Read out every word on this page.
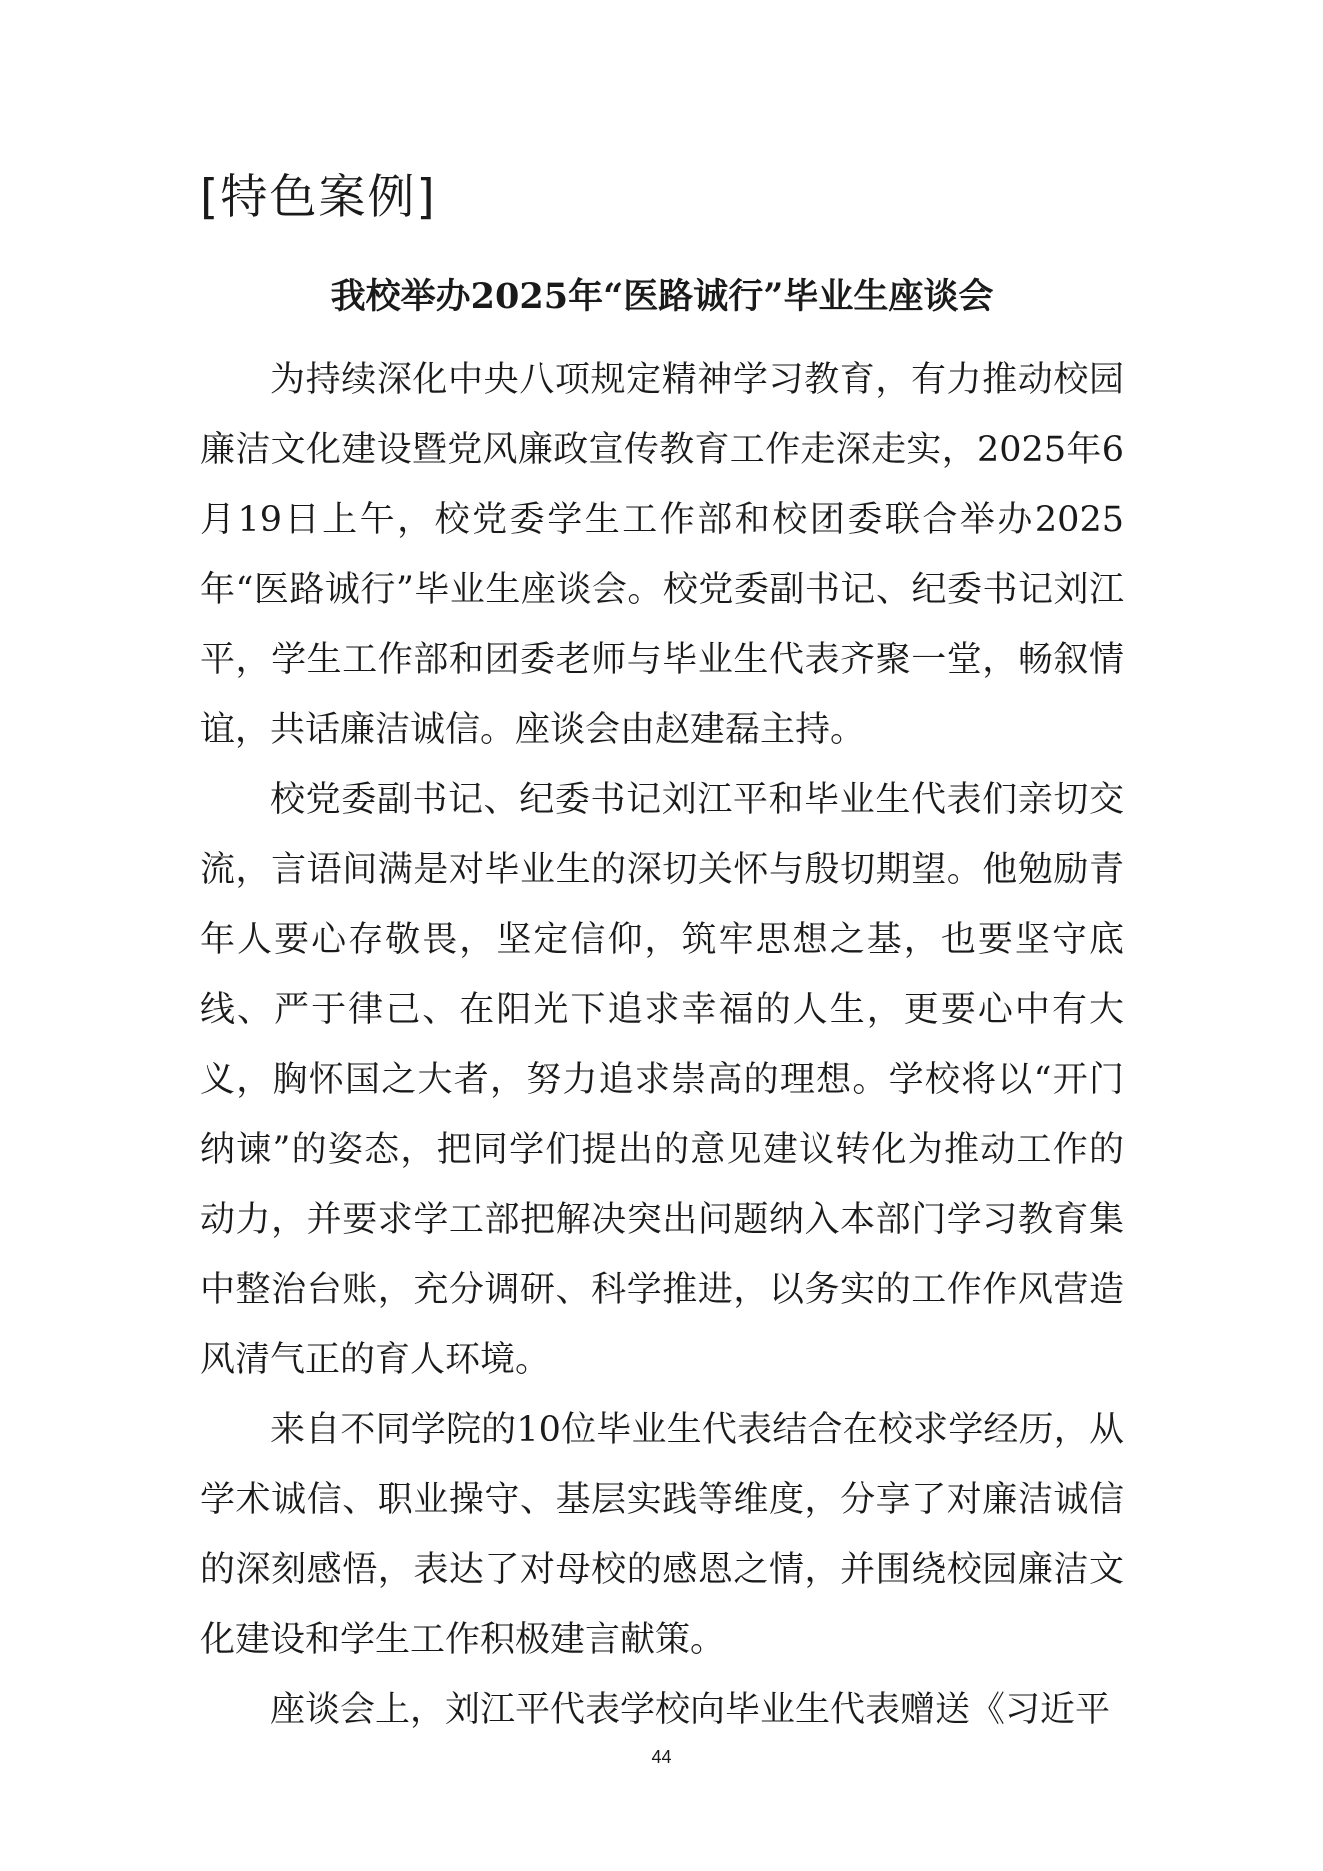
[特色案例]
我校举办2025年“医路诚行”毕业生座谈会

为持续深化中央八项规定精神学习教育，有力推动校园廉洁文化建设暨党风廉政宣传教育工作走深走实，2025年6月19日上午，校党委学生工作部和校团委联合举办2025年“医路诚行”毕业生座谈会。校党委副书记、纪委书记刘江平，学生工作部和团委老师与毕业生代表齐聚一堂，畅叙情谊，共话廉洁诚信。座谈会由赵建磊主持。

校党委副书记、纪委书记刘江平和毕业生代表们亲切交流，言语间满是对毕业生的深切关怀与殷切期望。他勉励青年人要心存敬畏，坚定信仰，筑牢思想之基，也要坚守底线、严于律己、在阳光下追求幸福的人生，更要心中有大义，胸怀国之大者，努力追求崇高的理想。学校将以“开门纳谏”的姿态，把同学们提出的意见建议转化为推动工作的动力，并要求学工部把解决突出问题纳入本部门学习教育集中整治台账，充分调研、科学推进，以务实的工作作风营造风清气正的育人环境。

来自不同学院的10位毕业生代表结合在校求学经历，从学术诚信、职业操守、基层实践等维度，分享了对廉洁诚信的深刻感悟，表达了对母校的感恩之情，并围绕校园廉洁文化建设和学生工作积极建言献策。

座谈会上，刘江平代表学校向毕业生代表赠送《习近平

44
